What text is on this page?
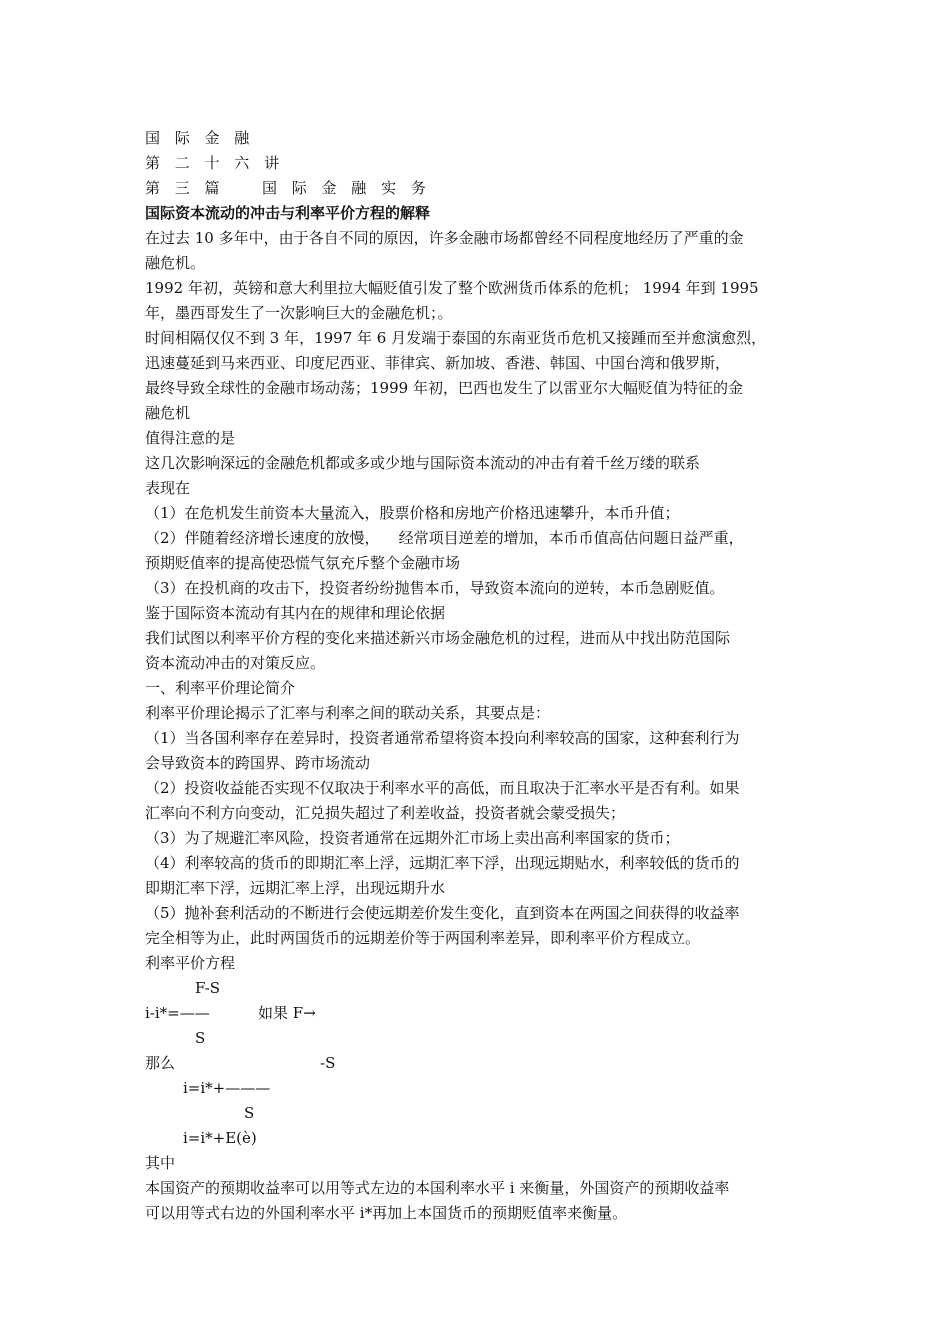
国 际 金 融
第 二 十 六 讲
第 三 篇	国 际 金 融 实 务
国际资本流动的冲击与利率平价方程的解释
在过去 10 多年中，由于各自不同的原因，许多金融市场都曾经不同程度地经历了严重的金
融危机。
1992 年初，英镑和意大利里拉大幅贬值引发了整个欧洲货币体系的危机； 1994 年到 1995
年，墨西哥发生了一次影响巨大的金融危机；。
时间相隔仅仅不到 3 年，1997 年 6 月发端于泰国的东南亚货币危机又接踵而至并愈演愈烈，
迅速蔓延到马来西亚、印度尼西亚、菲律宾、新加坡、香港、韩国、中国台湾和俄罗斯，
最终导致全球性的金融市场动荡；1999 年初，巴西也发生了以雷亚尔大幅贬值为特征的金
融危机
值得注意的是
这几次影响深远的金融危机都或多或少地与国际资本流动的冲击有着千丝万缕的联系
表现在
（1）在危机发生前资本大量流入，股票价格和房地产价格迅速攀升，本币升值；
（2）伴随着经济增长速度的放慢，    经常项目逆差的增加，本币币值高估问题日益严重，
预期贬值率的提高使恐慌气氛充斥整个金融市场
（3）在投机商的攻击下，投资者纷纷抛售本币，导致资本流向的逆转，本币急剧贬值。
鉴于国际资本流动有其内在的规律和理论依据
我们试图以利率平价方程的变化来描述新兴市场金融危机的过程，进而从中找出防范国际
资本流动冲击的对策反应。
一、利率平价理论简介
利率平价理论揭示了汇率与利率之间的联动关系，其要点是：
（1）当各国利率存在差异时，投资者通常希望将资本投向利率较高的国家，这种套利行为
会导致资本的跨国界、跨市场流动
（2）投资收益能否实现不仅取决于利率水平的高低，而且取决于汇率水平是否有利。如果
汇率向不利方向变动，汇兑损失超过了利差收益，投资者就会蒙受损失；
（3）为了规避汇率风险，投资者通常在远期外汇市场上卖出高利率国家的货币；
（4）利率较高的货币的即期汇率上浮，远期汇率下浮，出现远期贴水，利率较低的货币的
即期汇率下浮，远期汇率上浮，出现远期升水
（5）抛补套利活动的不断进行会使远期差价发生变化，直到资本在两国之间获得的收益率
完全相等为止，此时两国货币的远期差价等于两国利率差异，即利率平价方程成立。
利率平价方程
F-S
i-i*=——	如果 F→
S
那么	-S
i=i*+———
S
i=i*+E(è)
其中
本国资产的预期收益率可以用等式左边的本国利率水平 i 来衡量，外国资产的预期收益率
可以用等式右边的外国利率水平 i*再加上本国货币的预期贬值率来衡量。
